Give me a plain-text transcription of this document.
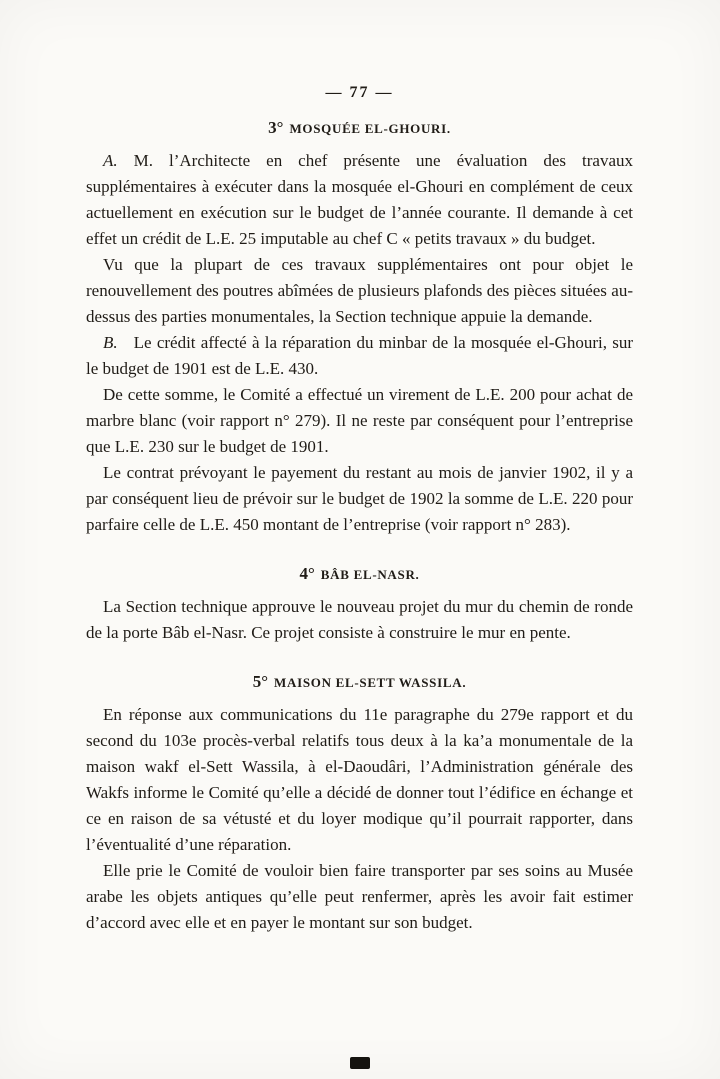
— 77 —
3° MOSQUÉE EL-GHOURI.

A. M. l’Architecte en chef présente une évaluation des travaux supplémentaires à exécuter dans la mosquée el-Ghouri en complément de ceux actuellement en exécution sur le budget de l’année courante. Il demande à cet effet un crédit de L.E. 25 imputable au chef C « petits travaux » du budget.

Vu que la plupart de ces travaux supplémentaires ont pour objet le renouvellement des poutres abîmées de plusieurs plafonds des pièces situées au-dessus des parties monumentales, la Section technique appuie la demande.

B. Le crédit affecté à la réparation du minbar de la mosquée el-Ghouri, sur le budget de 1901 est de L.E. 430.

De cette somme, le Comité a effectué un virement de L.E. 200 pour achat de marbre blanc (voir rapport n° 279). Il ne reste par conséquent pour l’entreprise que L.E. 230 sur le budget de 1901.

Le contrat prévoyant le payement du restant au mois de janvier 1902, il y a par conséquent lieu de prévoir sur le budget de 1902 la somme de L.E. 220 pour parfaire celle de L.E. 450 montant de l’entreprise (voir rapport n° 283).

4° BÂB EL-NASR.

La Section technique approuve le nouveau projet du mur du chemin de ronde de la porte Bâb el-Nasr. Ce projet consiste à construire le mur en pente.

5° MAISON EL-SETT WASSILA.

En réponse aux communications du 11e paragraphe du 279e rapport et du second du 103e procès-verbal relatifs tous deux à la ka’a monumentale de la maison wakf el-Sett Wassila, à el-Daoudâri, l’Administration générale des Wakfs informe le Comité qu’elle a décidé de donner tout l’édifice en échange et ce en raison de sa vétusté et du loyer modique qu’il pourrait rapporter, dans l’éventualité d’une réparation.

Elle prie le Comité de vouloir bien faire transporter par ses soins au Musée arabe les objets antiques qu’elle peut renfermer, après les avoir fait estimer d’accord avec elle et en payer le montant sur son budget.
